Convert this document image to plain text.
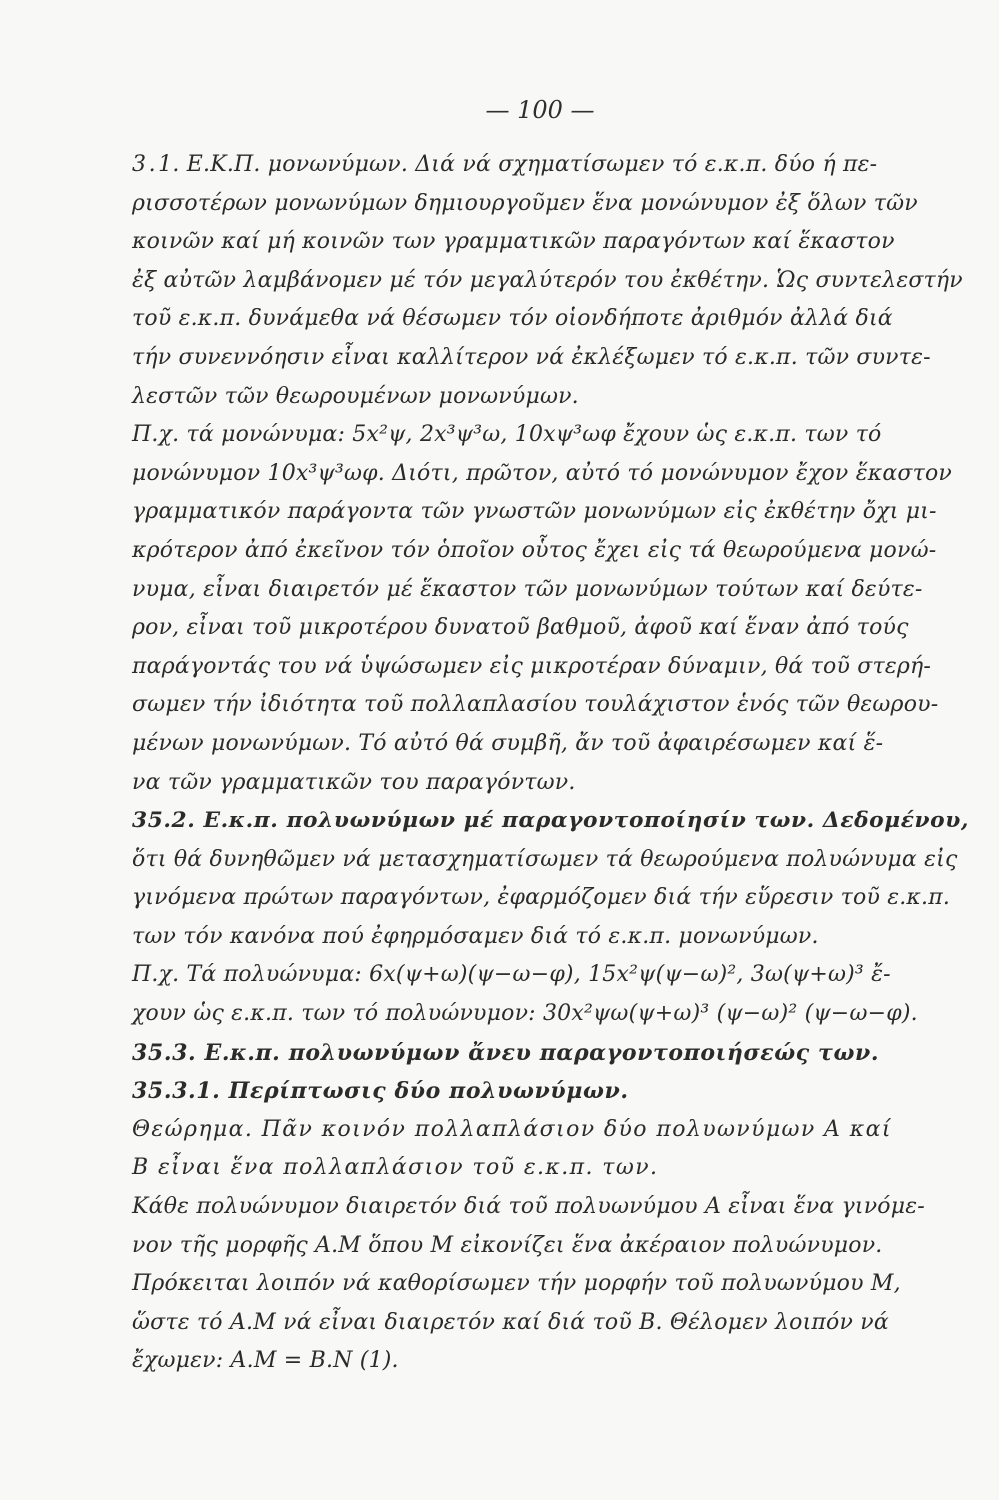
— 100 —
3 . 1. Ε.Κ.Π. μονωνύμων. Διά νά σχηματίσωμεν τό ε.κ.π. δύο ή πε-
ρισσοτέρων μονωνύμων δημιουργοῦμεν ἕνα μονώνυμον ἐξ ὅλων τῶν
κοινῶν καί μή κοινῶν των γραμματικῶν παραγόντων καί ἕκαστον
ἐξ αὐτῶν λαμβάνομεν μέ τόν μεγαλύτερόν του ἐκθέτην. Ὡς συντελεστήν
τοῦ ε.κ.π. δυνάμεθα νά θέσωμεν τόν οἱονδήποτε ἀριθμόν ἀλλά διά
τήν συνεννόησιν εἶναι καλλίτερον νά ἐκλέξωμεν τό ε.κ.π. τῶν συντε-
λεστῶν τῶν θεωρουμένων μονωνύμων.
Π.χ. τά μονώνυμα: 5x²ψ, 2x³ψ³ω, 10xψ³ωφ ἔχουν ὡς ε.κ.π. των τό
μονώνυμον 10x³ψ³ωφ. Διότι, πρῶτον, αὐτό τό μονώνυμον ἔχον ἕκαστον
γραμματικόν παράγοντα τῶν γνωστῶν μονωνύμων εἰς ἐκθέτην ὄχι μι-
κρότερον ἀπό ἐκεῖνον τόν ὁποῖον οὗτος ἔχει εἰς τά θεωρούμενα μονώ-
νυμα, εἶναι διαιρετόν μέ ἕκαστον τῶν μονωνύμων τούτων καί δεύτε-
ρον, εἶναι τοῦ μικροτέρου δυνατοῦ βαθμοῦ, ἀφοῦ καί ἕναν ἀπό τούς
παράγοντάς του νά ὑψώσωμεν εἰς μικροτέραν δύναμιν, θά τοῦ στερή-
σωμεν τήν ἰδιότητα τοῦ πολλαπλασίου τουλάχιστον ἑνός τῶν θεωρου-
μένων μονωνύμων. Τό αὐτό θά συμβῆ, ἄν τοῦ ἀφαιρέσωμεν καί ἕ-
να τῶν γραμματικῶν του παραγόντων.
35.2. Ε.κ.π. πολυωνύμων μέ παραγοντοποίησίν των. Δεδομένου,
ὅτι θά δυνηθῶμεν νά μετασχηματίσωμεν τά θεωρούμενα πολυώνυμα εἰς
γινόμενα πρώτων παραγόντων, ἐφαρμόζομεν διά τήν εὕρεσιν τοῦ ε.κ.π.
των τόν κανόνα πού ἐφηρμόσαμεν διά τό ε.κ.π. μονωνύμων.
Π.χ. Τά πολυώνυμα: 6x(ψ+ω)(ψ−ω−φ), 15x²ψ(ψ−ω)², 3ω(ψ+ω)³ ἔ-
χουν ὡς ε.κ.π. των τό πολυώνυμον: 30x²ψω(ψ+ω)³ (ψ−ω)² (ψ−ω−φ).
35.3. Ε.κ.π. πολυωνύμων ἄνευ παραγοντοποιήσεώς των.
35.3.1. Περίπτωσις δύο πολυωνύμων.
Θεώρημα. Πᾶν κοινόν πολλαπλάσιον δύο πολυωνύμων Α καί
Β εἶναι ἕνα πολλαπλάσιον τοῦ ε.κ.π. των.
Κάθε πολυώνυμον διαιρετόν διά τοῦ πολυωνύμου Α εἶναι ἕνα γινόμε-
νον τῆς μορφῆς Α.Μ ὅπου Μ εἰκονίζει ἕνα ἀκέραιον πολυώνυμον.
Πρόκειται λοιπόν νά καθορίσωμεν τήν μορφήν τοῦ πολυωνύμου Μ,
ὥστε τό Α.Μ νά εἶναι διαιρετόν καί διά τοῦ Β. Θέλομεν λοιπόν νά
ἔχωμεν: Α.Μ = Β.Ν (1).
